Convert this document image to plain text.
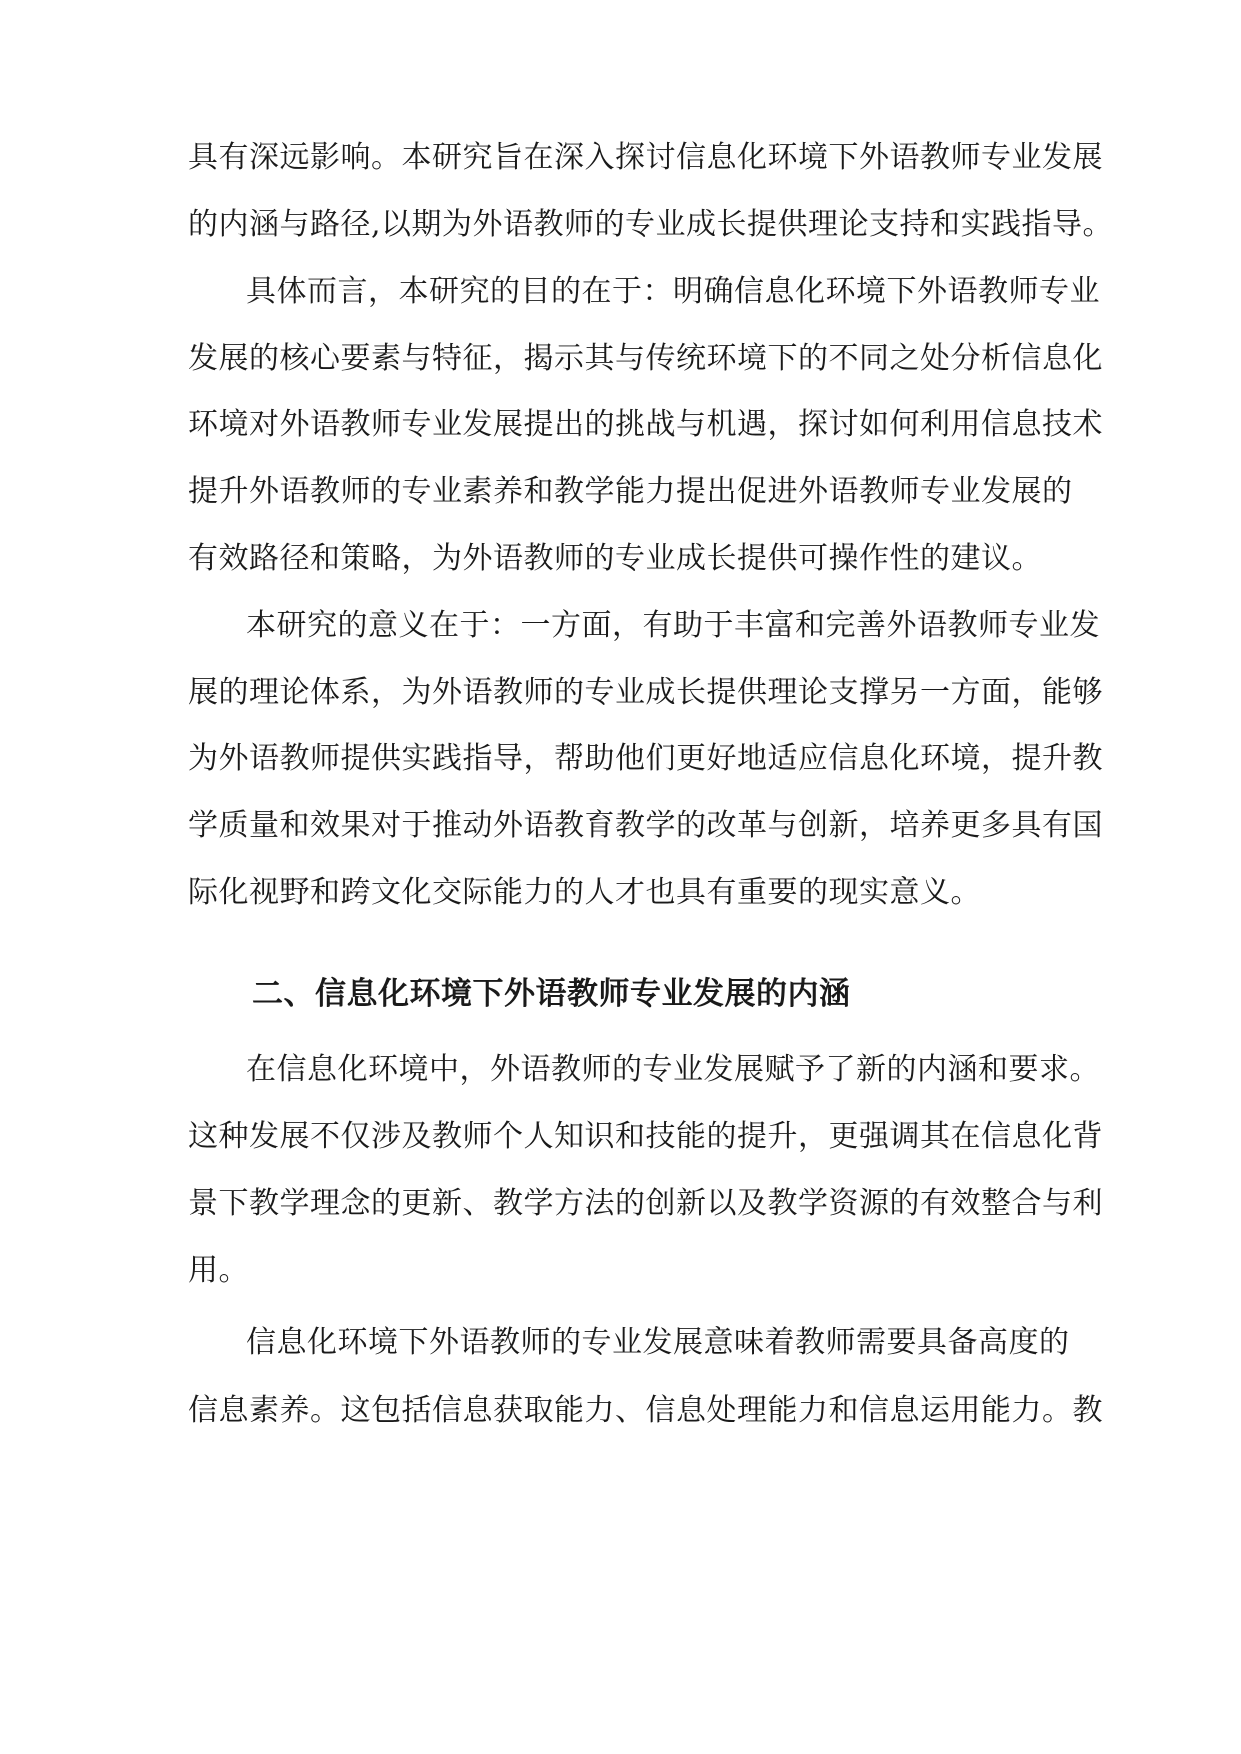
具有深远影响。本研究旨在深入探讨信息化环境下外语教师专业发展
的内涵与路径,以期为外语教师的专业成长提供理论支持和实践指导。
具体而言，本研究的目的在于：明确信息化环境下外语教师专业
发展的核心要素与特征，揭示其与传统环境下的不同之处分析信息化
环境对外语教师专业发展提出的挑战与机遇，探讨如何利用信息技术
提升外语教师的专业素养和教学能力提出促进外语教师专业发展的
有效路径和策略，为外语教师的专业成长提供可操作性的建议。
本研究的意义在于：一方面，有助于丰富和完善外语教师专业发
展的理论体系，为外语教师的专业成长提供理论支撑另一方面，能够
为外语教师提供实践指导，帮助他们更好地适应信息化环境，提升教
学质量和效果对于推动外语教育教学的改革与创新，培养更多具有国
际化视野和跨文化交际能力的人才也具有重要的现实意义。
二、信息化环境下外语教师专业发展的内涵
在信息化环境中，外语教师的专业发展赋予了新的内涵和要求。
这种发展不仅涉及教师个人知识和技能的提升，更强调其在信息化背
景下教学理念的更新、教学方法的创新以及教学资源的有效整合与利
用。
信息化环境下外语教师的专业发展意味着教师需要具备高度的
信息素养。这包括信息获取能力、信息处理能力和信息运用能力。教
